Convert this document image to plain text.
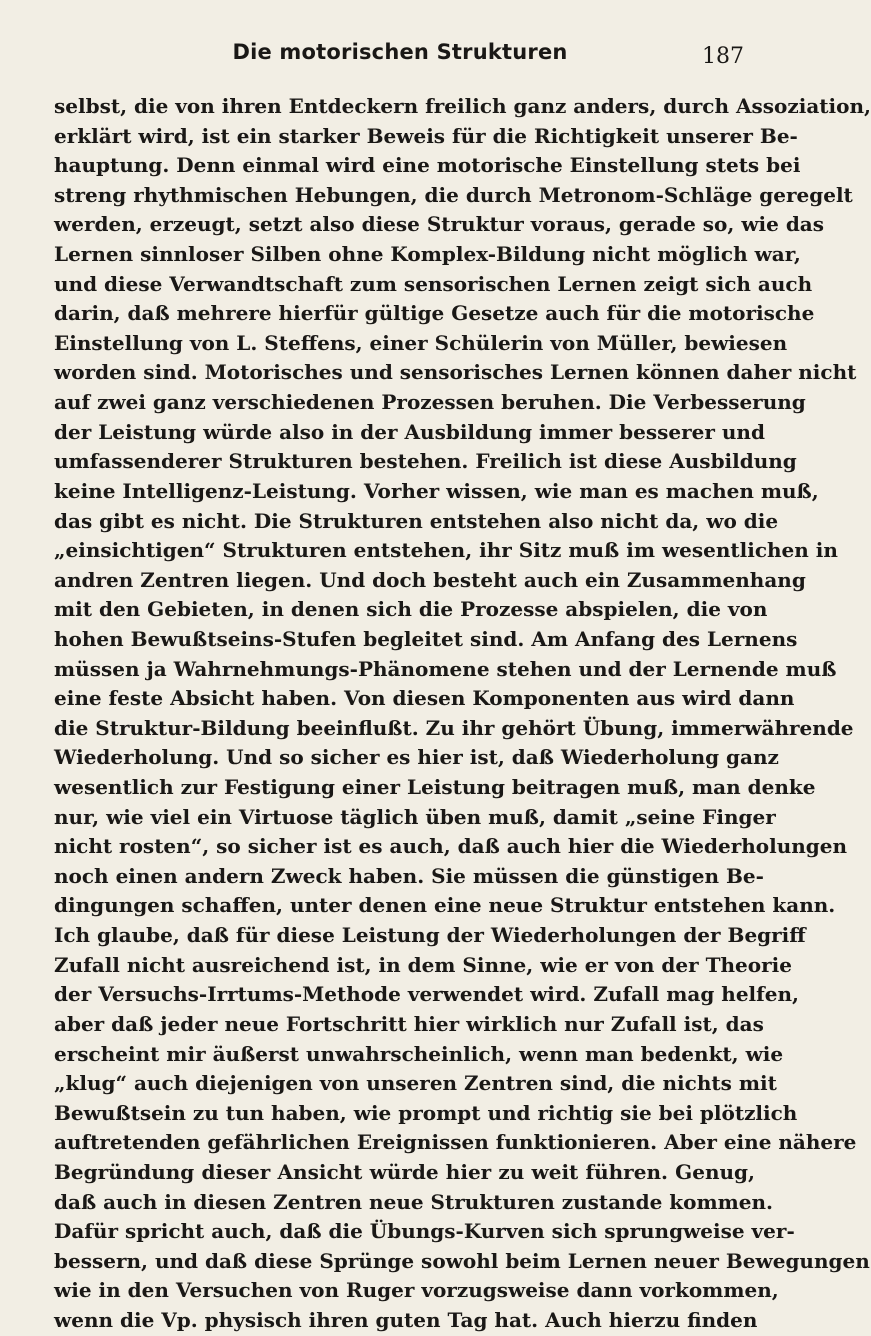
Die motorischen Strukturen	187
selbst, die von ihren Entdeckern freilich ganz anders, durch Assoziation,
erklärt wird, ist ein starker Beweis für die Richtigkeit unserer Be-
hauptung. Denn einmal wird eine motorische Einstellung stets bei
streng rhythmischen Hebungen, die durch Metronom-Schläge geregelt
werden, erzeugt, setzt also diese Struktur voraus, gerade so, wie das
Lernen sinnloser Silben ohne Komplex-Bildung nicht möglich war,
und diese Verwandtschaft zum sensorischen Lernen zeigt sich auch
darin, daß mehrere hierfür gültige Gesetze auch für die motorische
Einstellung von L. Steffens, einer Schülerin von Müller, bewiesen
worden sind. Motorisches und sensorisches Lernen können daher nicht
auf zwei ganz verschiedenen Prozessen beruhen. Die Verbesserung
der Leistung würde also in der Ausbildung immer besserer und
umfassenderer Strukturen bestehen. Freilich ist diese Ausbildung
keine Intelligenz-Leistung. Vorher wissen, wie man es machen muß,
das gibt es nicht. Die Strukturen entstehen also nicht da, wo die
„einsichtigen“ Strukturen entstehen, ihr Sitz muß im wesentlichen in
andren Zentren liegen. Und doch besteht auch ein Zusammenhang
mit den Gebieten, in denen sich die Prozesse abspielen, die von
hohen Bewußtseins-Stufen begleitet sind. Am Anfang des Lernens
müssen ja Wahrnehmungs-Phänomene stehen und der Lernende muß
eine feste Absicht haben. Von diesen Komponenten aus wird dann
die Struktur-Bildung beeinflußt. Zu ihr gehört Übung, immerwährende
Wiederholung. Und so sicher es hier ist, daß Wiederholung ganz
wesentlich zur Festigung einer Leistung beitragen muß, man denke
nur, wie viel ein Virtuose täglich üben muß, damit „seine Finger
nicht rosten“, so sicher ist es auch, daß auch hier die Wiederholungen
noch einen andern Zweck haben. Sie müssen die günstigen Be-
dingungen schaffen, unter denen eine neue Struktur entstehen kann.
Ich glaube, daß für diese Leistung der Wiederholungen der Begriff
Zufall nicht ausreichend ist, in dem Sinne, wie er von der Theorie
der Versuchs-Irrtums-Methode verwendet wird. Zufall mag helfen,
aber daß jeder neue Fortschritt hier wirklich nur Zufall ist, das
erscheint mir äußerst unwahrscheinlich, wenn man bedenkt, wie
„klug“ auch diejenigen von unseren Zentren sind, die nichts mit
Bewußtsein zu tun haben, wie prompt und richtig sie bei plötzlich
auftretenden gefährlichen Ereignissen funktionieren. Aber eine nähere
Begründung dieser Ansicht würde hier zu weit führen. Genug,
daß auch in diesen Zentren neue Strukturen zustande kommen.
Dafür spricht auch, daß die Übungs-Kurven sich sprungweise ver-
bessern, und daß diese Sprünge sowohl beim Lernen neuer Bewegungen
wie in den Versuchen von Ruger vorzugsweise dann vorkommen,
wenn die Vp. physisch ihren guten Tag hat. Auch hierzu finden
